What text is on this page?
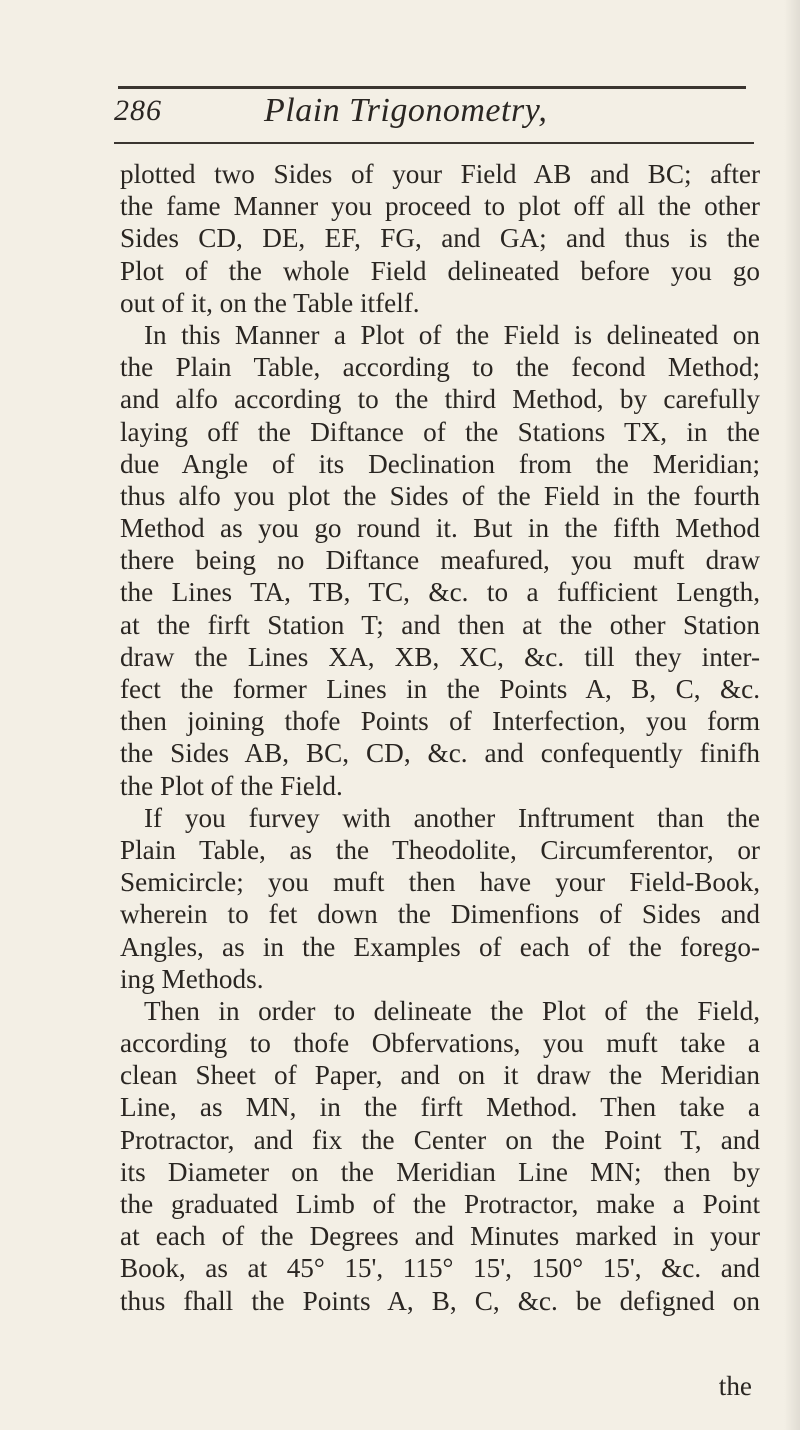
286	Plain Trigonometry,
plotted two Sides of your Field AB and BC; after
the fame Manner you proceed to plot off all the other
Sides CD, DE, EF, FG, and GA; and thus is the
Plot of the whole Field delineated before you go
out of it, on the Table itfelf.
In this Manner a Plot of the Field is delineated on
the Plain Table, according to the fecond Method;
and alfo according to the third Method, by carefully
laying off the Diftance of the Stations TX, in the
due Angle of its Declination from the Meridian;
thus alfo you plot the Sides of the Field in the fourth
Method as you go round it. But in the fifth Method
there being no Diftance meafured, you muft draw
the Lines TA, TB, TC, &c. to a fufficient Length,
at the firft Station T; and then at the other Station
draw the Lines XA, XB, XC, &c. till they inter-
fect the former Lines in the Points A, B, C, &c.
then joining thofe Points of Interfection, you form
the Sides AB, BC, CD, &c. and confequently finifh
the Plot of the Field.
If you furvey with another Inftrument than the
Plain Table, as the Theodolite, Circumferentor, or
Semicircle; you muft then have your Field-Book,
wherein to fet down the Dimenfions of Sides and
Angles, as in the Examples of each of the forego-
ing Methods.
Then in order to delineate the Plot of the Field,
according to thofe Obfervations, you muft take a
clean Sheet of Paper, and on it draw the Meridian
Line, as MN, in the firft Method. Then take a
Protractor, and fix the Center on the Point T, and
its Diameter on the Meridian Line MN; then by
the graduated Limb of the Protractor, make a Point
at each of the Degrees and Minutes marked in your
Book, as at 45° 15', 115° 15', 150° 15', &c. and
thus fhall the Points A, B, C, &c. be defigned on
the
